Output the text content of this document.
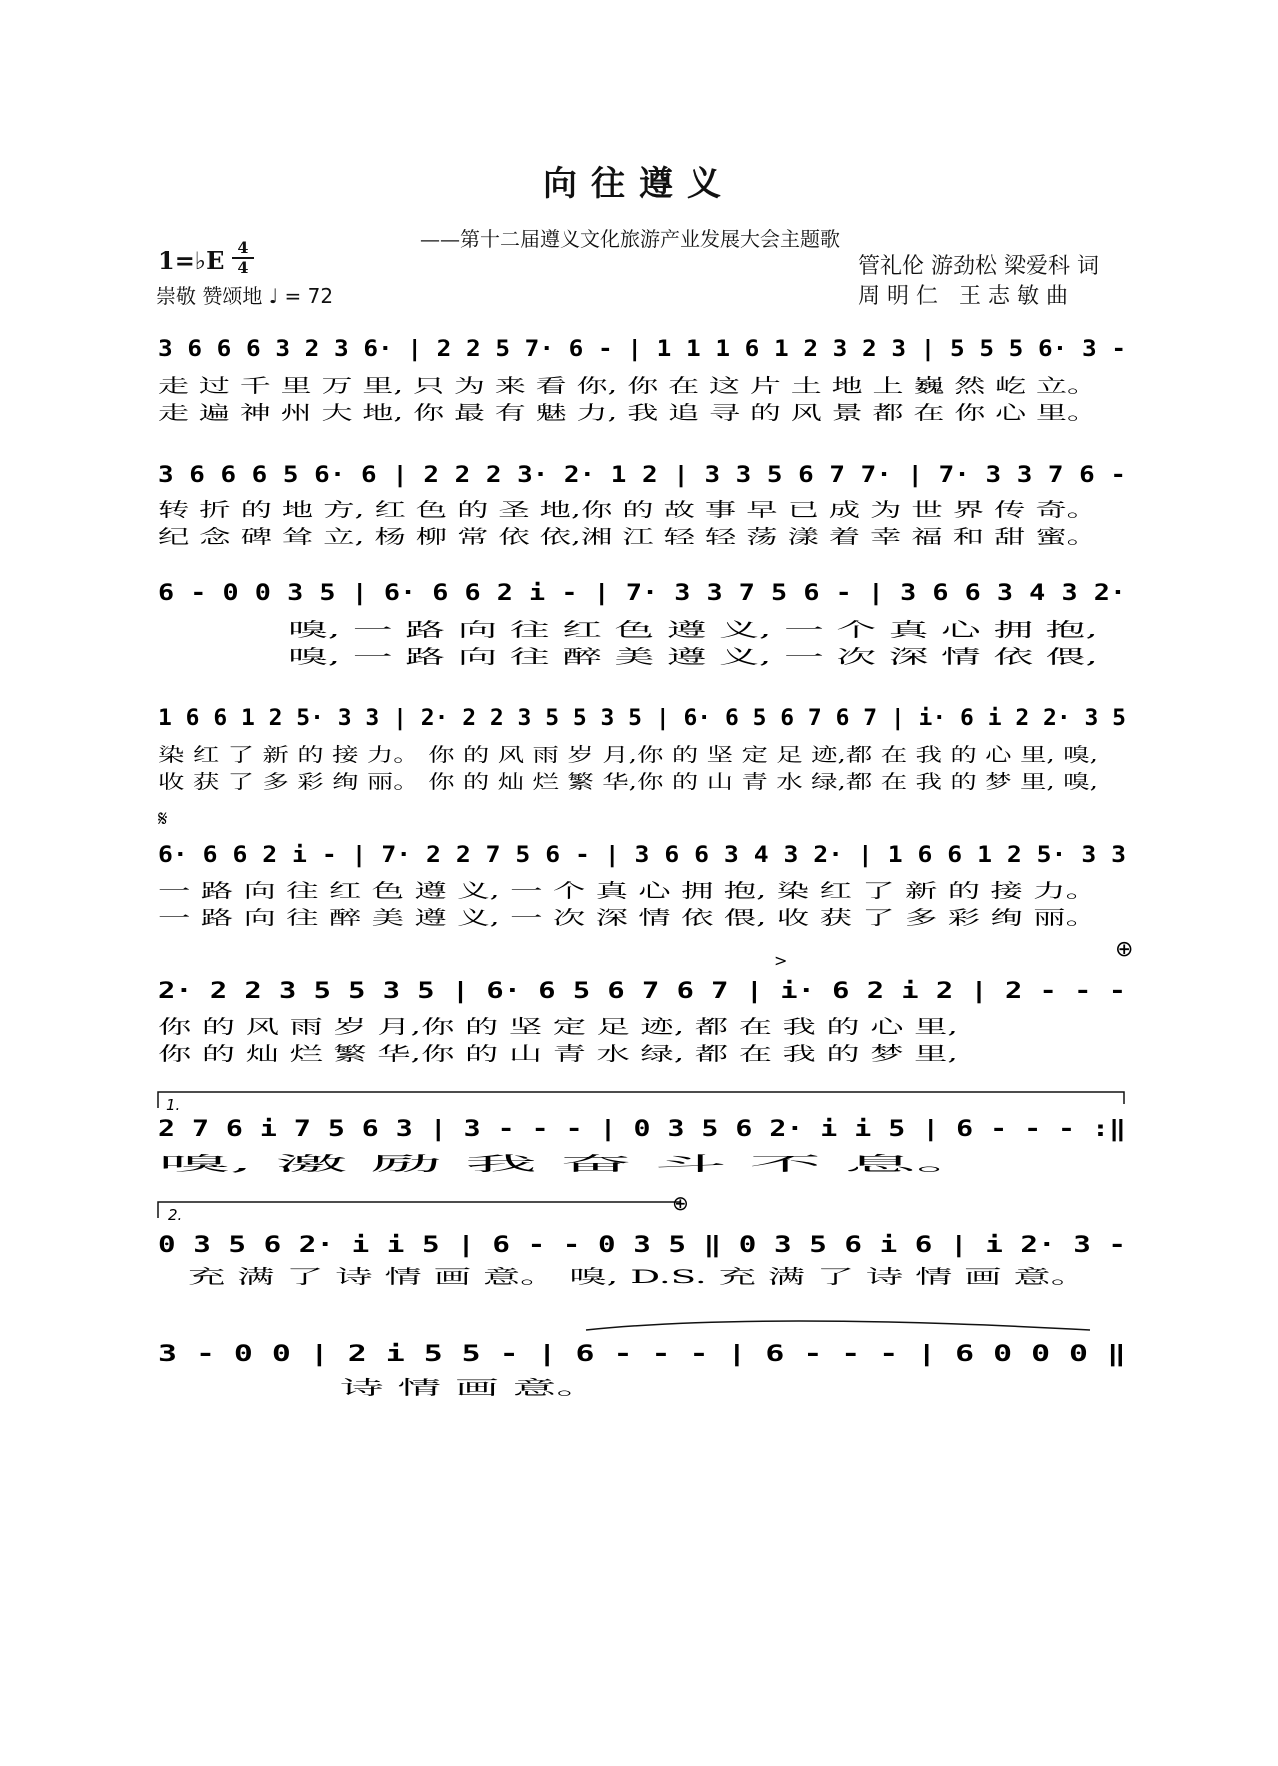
向往遵义
——第十二届遵义文化旅游产业发展大会主题歌
1=♭E 4
4
崇敬 赞颂地 ♩ = 72
管礼伦 游劲松 梁爱科 词
周 明 仁   王 志 敏 曲
3 6 6 6 3 2 3 6· | 2 2 5 7· 6 - | 1 1 1 6 1 2 3 2 3 | 5 5 5 6· 3 -
走 过 千 里 万 里, 只 为 来 看 你, 你 在 这 片 土 地 上 巍 然 屹 立。
走 遍 神 州 大 地, 你 最 有 魅 力, 我 追 寻 的 风 景 都 在 你 心 里。
3 6 6 6 5 6· 6 | 2 2 2 3· 2· 1 2 | 3 3 5 6 7 7· | 7· 3 3 7 6 -
转 折 的 地 方, 红 色 的 圣 地,你 的 故 事 早 已 成 为 世 界 传 奇。
纪 念 碑 耸 立, 杨 柳 常 依 依,湘 江 轻 轻 荡 漾 着 幸 福 和 甜 蜜。
6 - 0 0 3 5 | 6· 6 6 2 i - | 7· 3 3 7 5 6 - | 3 6 6 3 4 3 2·
嗅, 一 路 向 往 红 色 遵 义, 一 个 真 心 拥 抱,
嗅, 一 路 向 往 醉 美 遵 义, 一 次 深 情 依 偎,
1 6 6 1 2 5· 3 3 | 2· 2 2 3 5 5 3 5 | 6· 6 5 6 7 6 7 | i· 6 i 2 2· 3 5
染 红 了 新 的 接 力。 你 的 风 雨 岁 月,你 的 坚 定 足 迹,都 在 我 的 心 里, 嗅,
收 获 了 多 彩 绚 丽。 你 的 灿 烂 繁 华,你 的 山 青 水 绿,都 在 我 的 梦 里, 嗅,
𝄋
6· 6 6 2 i - | 7· 2 2 7 5 6 - | 3 6 6 3 4 3 2· | 1 6 6 1 2 5· 3 3
一 路 向 往 红 色 遵 义, 一 个 真 心 拥 抱, 染 红 了 新 的 接 力。
一 路 向 往 醉 美 遵 义, 一 次 深 情 依 偎, 收 获 了 多 彩 绚 丽。
⊕
>
2· 2 2 3 5 5 3 5 | 6· 6 5 6 7 6 7 | i· 6 2 i 2 | 2 - - -
你 的 风 雨 岁 月,你 的 坚 定 足 迹, 都 在 我 的 心 里,
你 的 灿 烂 繁 华,你 的 山 青 水 绿, 都 在 我 的 梦 里,
1.
2 7 6 i 7 5 6 3 | 3 - - - | 0 3 5 6 2· i i 5 | 6 - - - :‖
嗅, 激 励 我 奋 斗 不 息。
2.	⊕
0 3 5 6 2· i i 5 | 6 - - 0 3 5 ‖ 0 3 5 6 i 6 | i 2· 3 -
充 满 了 诗 情 画 意。 嗅, D.S. 充 满 了 诗 情 画 意。
3 - 0 0 | 2 i 5 5 - | 6 - - - | 6 - - - | 6 0 0 0 ‖
诗 情 画 意。
